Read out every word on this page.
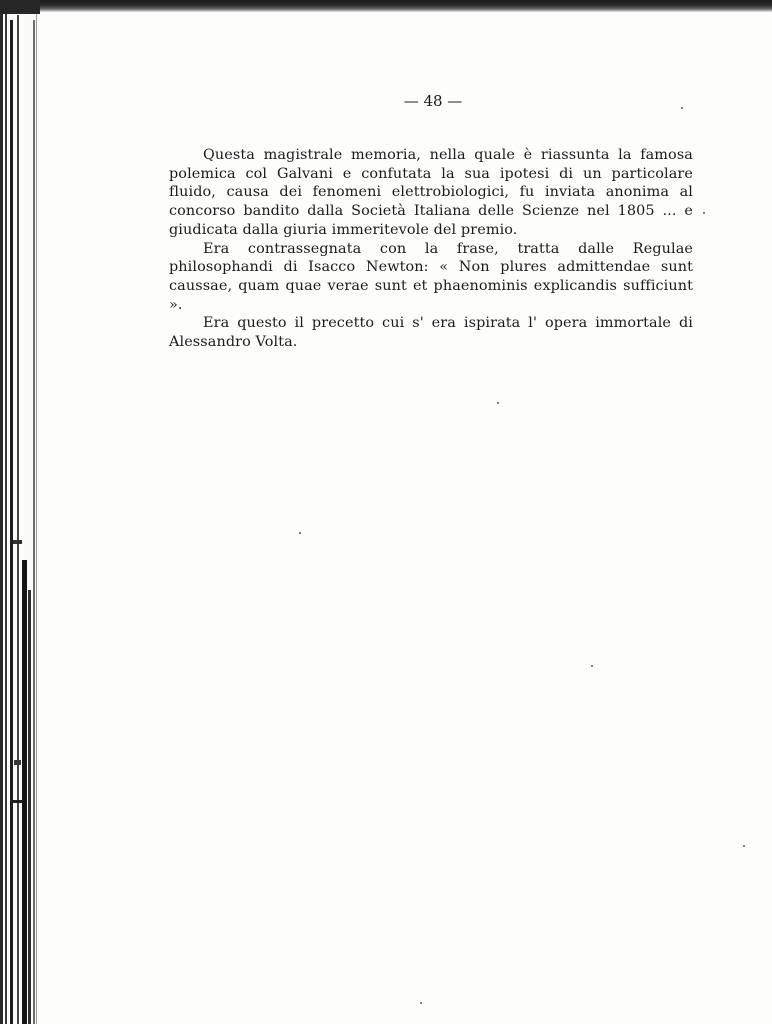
— 48 —

Questa magistrale memoria, nella quale è riassunta la famosa polemica col Galvani e confutata la sua ipotesi di un particolare fluido, causa dei fenomeni elettrobiologici, fu inviata anonima al concorso bandito dalla Società Italiana delle Scienze nel 1805 ... e giudicata dalla giuria immeritevole del premio.

Era contrassegnata con la frase, tratta dalle Regulae philosophandi di Isacco Newton: « Non plures admittendae sunt caussae, quam quae verae sunt et phaenominis explicandis sufficiunt ».

Era questo il precetto cui s' era ispirata l' opera immortale di Alessandro Volta.
